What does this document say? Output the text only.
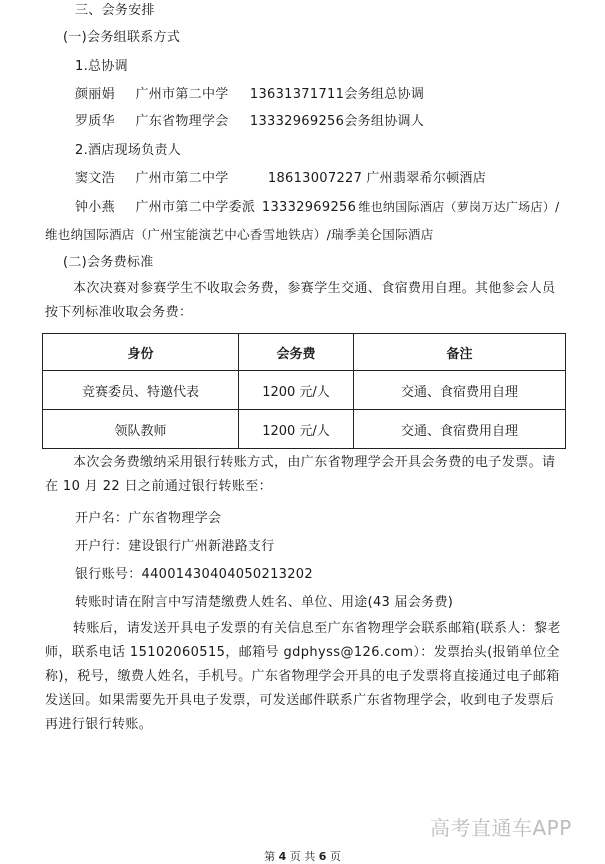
三、会务安排
(一)会务组联系方式
1.总协调
颜丽娟 广州市第二中学 13631371711 会务组总协调
罗质华 广东省物理学会 13332969256 会务组协调人
2.酒店现场负责人
窦文浩 广州市第二中学	18613007227 广州翡翠希尔顿酒店
钟小燕 广州市第二中学委派 13332969256 维也纳国际酒店（萝岗万达广场店）/
维也纳国际酒店（广州宝能演艺中心香雪地铁店）/瑞季美仑国际酒店
(二)会务费标准
本次决赛对参赛学生不收取会务费，参赛学生交通、食宿费用自理。其他参会人员按下列标准收取会务费：
身份	会务费	备注
竞赛委员、特邀代表	1200 元/人	交通、食宿费用自理
领队教师	1200 元/人	交通、食宿费用自理
本次会务费缴纳采用银行转账方式，由广东省物理学会开具会务费的电子发票。请在 10 月 22 日之前通过银行转账至：
开户名：广东省物理学会
开户行：建设银行广州新港路支行
银行账号：44001430404050213202
转账时请在附言中写清楚缴费人姓名、单位、用途(43 届会务费)
转账后，请发送开具电子发票的有关信息至广东省物理学会联系邮箱(联系人：黎老师，联系电话 15102060515，邮箱号 gdphyss@126.com）：发票抬头(报销单位全称)，税号，缴费人姓名，手机号。广东省物理学会开具的电子发票将直接通过电子邮箱发送回。如果需要先开具电子发票，可发送邮件联系广东省物理学会，收到电子发票后再进行银行转账。
高考直通车APP
第 4 页 共 6 页
